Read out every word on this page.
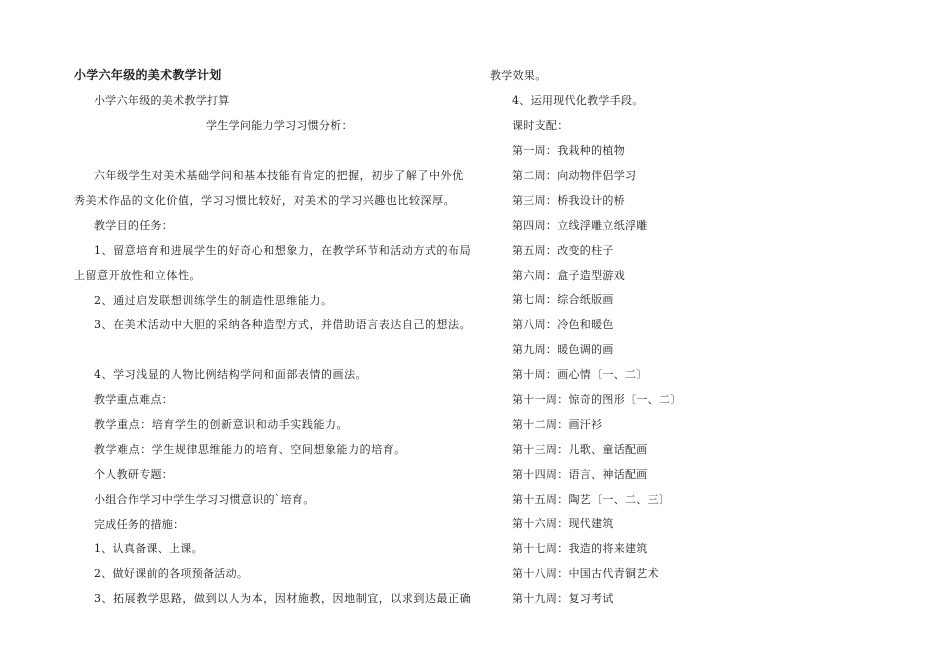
小学六年级的美术教学计划
小学六年级的美术教学打算
学生学问能力学习习惯分析：
六年级学生对美术基础学问和基本技能有肯定的把握，初步了解了中外优
秀美术作品的文化价值，学习习惯比较好，对美术的学习兴趣也比较深厚。
教学目的任务：
1、留意培育和进展学生的好奇心和想象力，在教学环节和活动方式的布局
上留意开放性和立体性。
2、通过启发联想训练学生的制造性思维能力。
3、在美术活动中大胆的采纳各种造型方式，并借助语言表达自己的想法。
4、学习浅显的人物比例结构学问和面部表情的画法。
教学重点难点：
教学重点：培育学生的创新意识和动手实践能力。
教学难点：学生规律思维能力的培育、空间想象能力的培育。
个人教研专题：
小组合作学习中学生学习习惯意识的`培育。
完成任务的措施：
1、认真备课、上课。
2、做好课前的各项预备活动。
3、拓展教学思路，做到以人为本，因材施教，因地制宜，以求到达最正确
教学效果。
4、运用现代化教学手段。
课时支配：
第一周：我栽种的植物
第二周：向动物伴侣学习
第三周：桥我设计的桥
第四周：立线浮雕立纸浮雕
第五周：改变的柱子
第六周：盒子造型游戏
第七周：综合纸版画
第八周：冷色和暖色
第九周：暖色调的画
第十周：画心情〔一、二〕
第十一周：惊奇的图形〔一、二〕
第十二周：画汗衫
第十三周：儿歌、童话配画
第十四周：语言、神话配画
第十五周：陶艺〔一、二、三〕
第十六周：现代建筑
第十七周：我造的将来建筑
第十八周：中国古代青铜艺术
第十九周：复习考试
